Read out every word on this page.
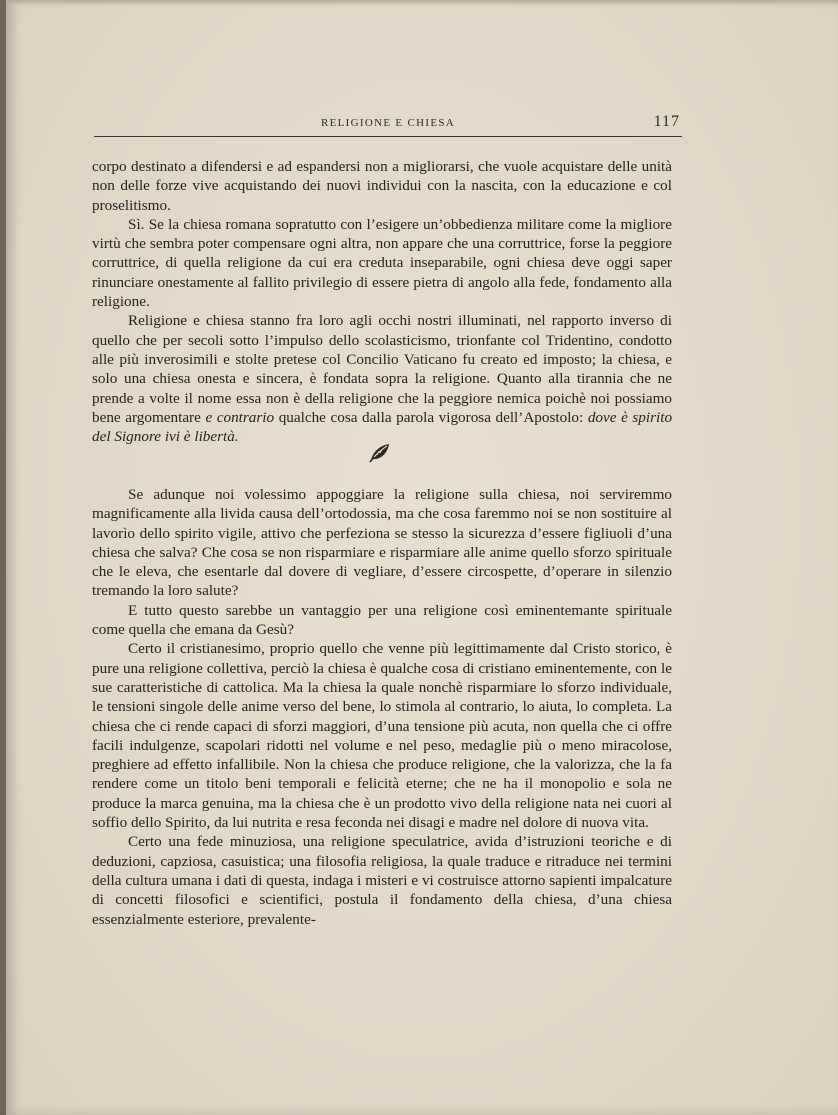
RELIGIONE E CHIESA	117

corpo destinato a difendersi e ad espandersi non a migliorarsi, che vuole acquistare delle unità non delle forze vive acquistando dei nuovi individui con la nascita, con la educazione e col proselitismo.

Sì. Se la chiesa romana sopratutto con l’esigere un’obbedienza militare come la migliore virtù che sembra poter compensare ogni altra, non appare che una corruttrice, forse la peggiore corruttrice, di quella religione da cui era creduta inseparabile, ogni chiesa deve oggi saper rinunciare onestamente al fallito privilegio di essere pietra di angolo alla fede, fondamento alla religione.

Religione e chiesa stanno fra loro agli occhi nostri illuminati, nel rapporto inverso di quello che per secoli sotto l’impulso dello scolasticismo, trionfante col Tridentino, condotto alle più inverosimili e stolte pretese col Concilio Vaticano fu creato ed imposto; la chiesa, e solo una chiesa onesta e sincera, è fondata sopra la religione. Quanto alla tirannia che ne prende a volte il nome essa non è della religione che la peggiore nemica poichè noi possiamo bene argomentare e contrario qualche cosa dalla parola vigorosa dell’Apostolo: dove è spirito del Signore ivi è libertà.

Se adunque noi volessimo appoggiare la religione sulla chiesa, noi serviremmo magnificamente alla livida causa dell’ortodossia, ma che cosa faremmo noi se non sostituire al lavorìo dello spirito vigile, attivo che perfeziona se stesso la sicurezza d’essere figliuoli d’una chiesa che salva? Che cosa se non risparmiare e risparmiare alle anime quello sforzo spirituale che le eleva, che esentarle dal dovere di vegliare, d’essere circospette, d’operare in silenzio tremando la loro salute?

E tutto questo sarebbe un vantaggio per una religione così eminentemante spirituale come quella che emana da Gesù?

Certo il cristianesimo, proprio quello che venne più legittimamente dal Cristo storico, è pure una religione collettiva, perciò la chiesa è qualche cosa di cristiano eminentemente, con le sue caratteristiche di cattolica. Ma la chiesa la quale nonchè risparmiare lo sforzo individuale, le tensioni singole delle anime verso del bene, lo stimola al contrario, lo aiuta, lo completa. La chiesa che ci rende capaci di sforzi maggiori, d’una tensione più acuta, non quella che ci offre facili indulgenze, scapolari ridotti nel volume e nel peso, medaglie più o meno miracolose, preghiere ad effetto infallibile. Non la chiesa che produce religione, che la valorizza, che la fa rendere come un titolo beni temporali e felicità eterne; che ne ha il monopolio e sola ne produce la marca genuina, ma la chiesa che è un prodotto vivo della religione nata nei cuori al soffio dello Spirito, da lui nutrita e resa feconda nei disagi e madre nel dolore di nuova vita.

Certo una fede minuziosa, una religione speculatrice, avida d’istruzioni teoriche e di deduzioni, capziosa, casuistica; una filosofia religiosa, la quale traduce e ritraduce nei termini della cultura umana i dati di questa, indaga i misteri e vi costruisce attorno sapienti impalcature di concetti filosofici e scientifici, postula il fondamento della chiesa, d’una chiesa essenzialmente esteriore, prevalente-
